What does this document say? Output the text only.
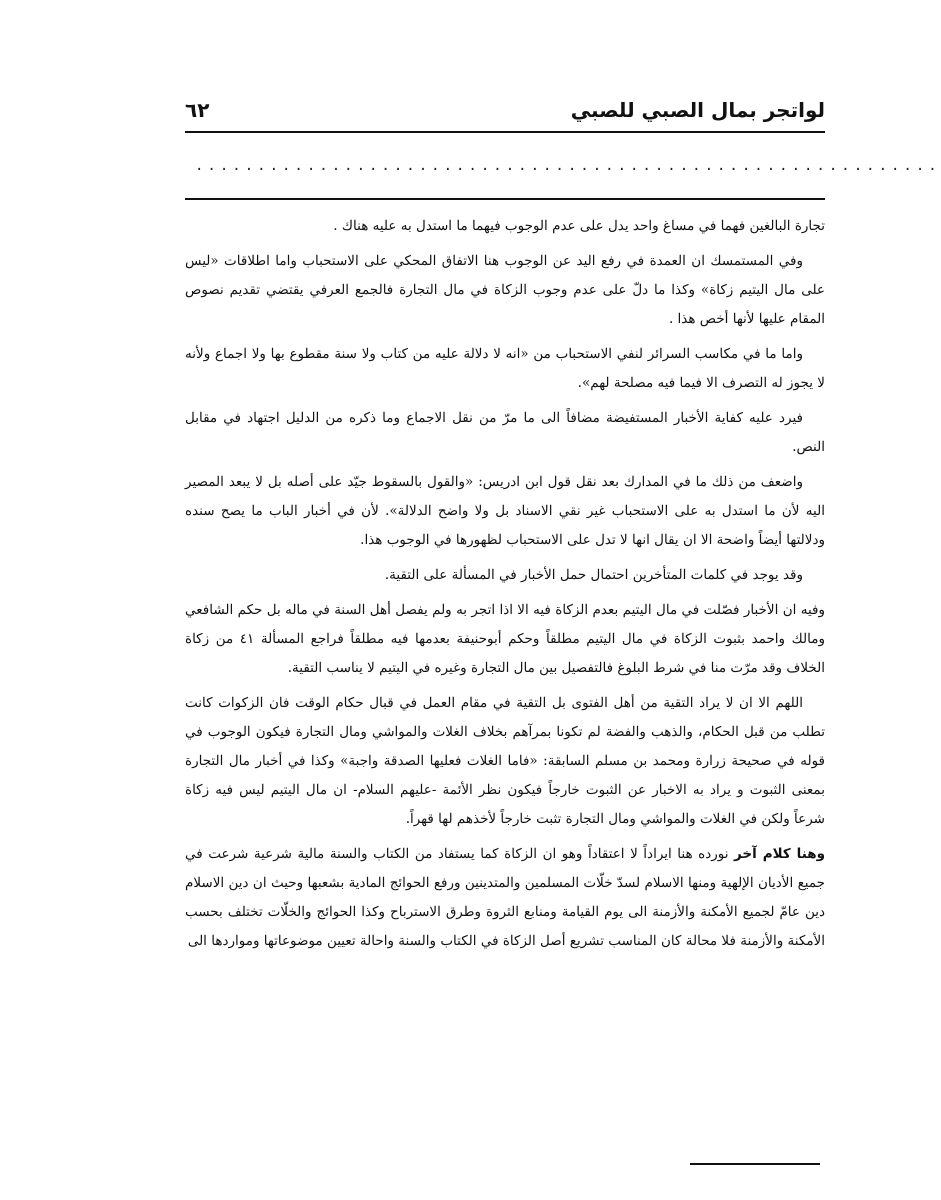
لواتجر بمال الصبي للصبي
٦٢
............................................................

تجارة البالغين فهما في مساغ واحد يدل على عدم الوجوب فيهما ما استدل به عليه هناك .

وفي المستمسك ان العمدة في رفع اليد عن الوجوب هنا الاتفاق المحكي على الاستحباب واما اطلاقات «ليس على مال اليتيم زكاة» وكذا ما دلّ على عدم وجوب الزكاة في مال التجارة فالجمع العرفي يقتضي تقديم نصوص المقام عليها لأنها أخص هذا .

واما ما في مكاسب السرائر لنفي الاستحباب من «انه لا دلالة عليه من كتاب ولا سنة مقطوع بها ولا اجماع ولأنه لا يجوز له التصرف الا فيما فيه مصلحة لهم».

فيرد عليه كفاية الأخبار المستفيضة مضافاً الى ما مرّ من نقل الاجماع وما ذكره من الدليل اجتهاد في مقابل النص.

واضعف من ذلك ما في المدارك بعد نقل قول ابن ادريس: «والقول بالسقوط جيّد على أصله بل لا يبعد المصير اليه لأن ما استدل به على الاستحباب غير نقي الاسناد بل ولا واضح الدلالة». لأن في أخبار الباب ما يصح سنده ودلالتها أيضاً واضحة الا ان يقال انها لا تدل على الاستحباب لظهورها في الوجوب هذا.

وقد يوجد في كلمات المتأخرين احتمال حمل الأخبار في المسألة على التقية.

وفيه ان الأخبار فصّلت في مال اليتيم بعدم الزكاة فيه الا اذا اتجر به ولم يفصل أهل السنة في ماله بل حكم الشافعي ومالك واحمد بثبوت الزكاة في مال اليتيم مطلقاً وحكم أبوحنيفة بعدمها فيه مطلقاً فراجع المسألة ٤١ من زكاة الخلاف وقد مرّت منا في شرط البلوغ فالتفصيل بين مال التجارة وغيره في اليتيم لا يناسب التقية.

اللهم الا ان لا يراد التقية من أهل الفتوى بل التقية في مقام العمل في قبال حكام الوقت فان الزكوات كانت تطلب من قبل الحكام، والذهب والفضة لم تكونا بمرآهم بخلاف الغلات والمواشي ومال التجارة فيكون الوجوب في قوله في صحيحة زرارة ومحمد بن مسلم السابقة: «فاما الغلات فعليها الصدقة واجبة» وكذا في أخبار مال التجارة بمعنى الثبوت و يراد به الاخبار عن الثبوت خارجاً فيكون نظر الأئمة -عليهم السلام- ان مال اليتيم ليس فيه زكاة شرعاً ولكن في الغلات والمواشي ومال التجارة تثبت خارجاً لأخذهم لها قهراً.

وهنا كلام آخر نورده هنا ايراداً لا اعتقاداً وهو ان الزكاة كما يستفاد من الكتاب والسنة مالية شرعية شرعت في جميع الأديان الإلهية ومنها الاسلام لسدّ خلّات المسلمين والمتدينين ورفع الحوائج المادية بشعبها وحيث ان دين الاسلام دين عامّ لجميع الأمكنة والأزمنة الى يوم القيامة ومنابع الثروة وطرق الاسترباح وكذا الحوائج والخلّات تختلف بحسب الأمكنة والأزمنة فلا محالة كان المناسب تشريع أصل الزكاة في الكتاب والسنة واحالة تعيين موضوعاتها ومواردها الى
